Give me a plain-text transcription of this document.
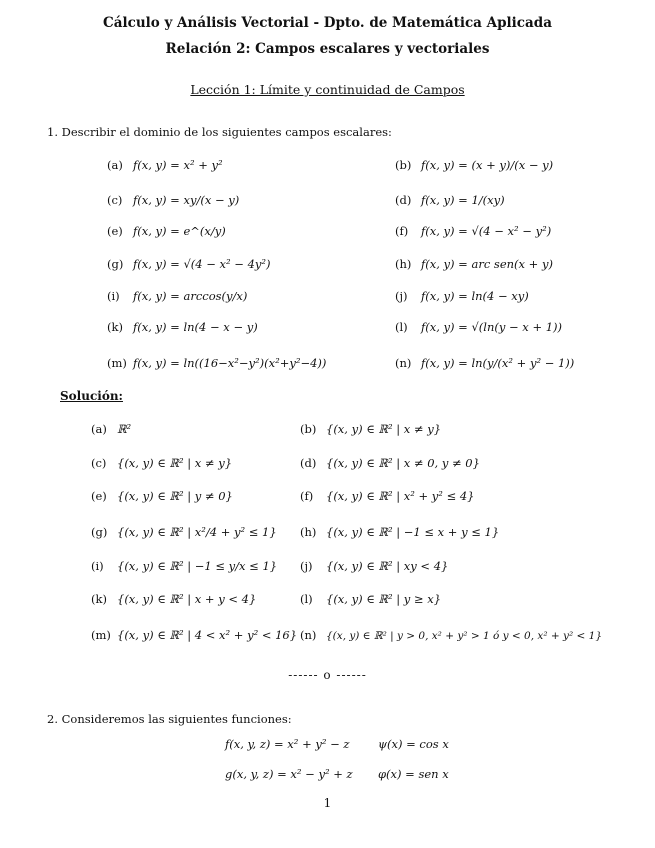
Cálculo y Análisis Vectorial - Dpto. de Matemática Aplicada
Relación 2: Campos escalares y vectoriales
Lección 1: Límite y continuidad de Campos
1. Describir el dominio de los siguientes campos escalares:
(a) f(x, y) = x² + y²	(b) f(x, y) = (x + y)/(x − y)
(c) f(x, y) = xy/(x − y)	(d) f(x, y) = 1/(xy)
(e) f(x, y) = e^(x/y)	(f) f(x, y) = √(4 − x² − y²)
(g) f(x, y) = √(4 − x² − 4y²)	(h) f(x, y) = arc sen(x + y)
(i) f(x, y) = arccos(y/x)	(j) f(x, y) = ln(4 − xy)
(k) f(x, y) = ln(4 − x − y)	(l) f(x, y) = √(ln(y − x + 1))
(m) f(x, y) = ln((16−x²−y²)(x²+y²−4))	(n) f(x, y) = ln(y/(x² + y² − 1))
Solución:
(a) ℝ²	(b) {(x, y) ∈ ℝ² | x ≠ y}
(c) {(x, y) ∈ ℝ² | x ≠ y}	(d) {(x, y) ∈ ℝ² | x ≠ 0, y ≠ 0}
(e) {(x, y) ∈ ℝ² | y ≠ 0}	(f) {(x, y) ∈ ℝ² | x² + y² ≤ 4}
(g) {(x, y) ∈ ℝ² | x²/4 + y² ≤ 1} (h) {(x, y) ∈ ℝ² | −1 ≤ x + y ≤ 1}
(i) {(x, y) ∈ ℝ² | −1 ≤ y/x ≤ 1} (j) {(x, y) ∈ ℝ² | xy < 4}
(k) {(x, y) ∈ ℝ² | x + y < 4}	(l) {(x, y) ∈ ℝ² | y ≥ x}
(m) {(x, y) ∈ ℝ² | 4 < x² + y² < 16} (n) {(x, y) ∈ ℝ² | y > 0, x² + y² > 1 ó y < 0, x² + y² < 1}
------ o ------
2. Consideremos las siguientes funciones:
f(x, y, z) = x² + y² − z ψ(x) = cos x
g(x, y, z) = x² − y² + z φ(x) = sen x
1
